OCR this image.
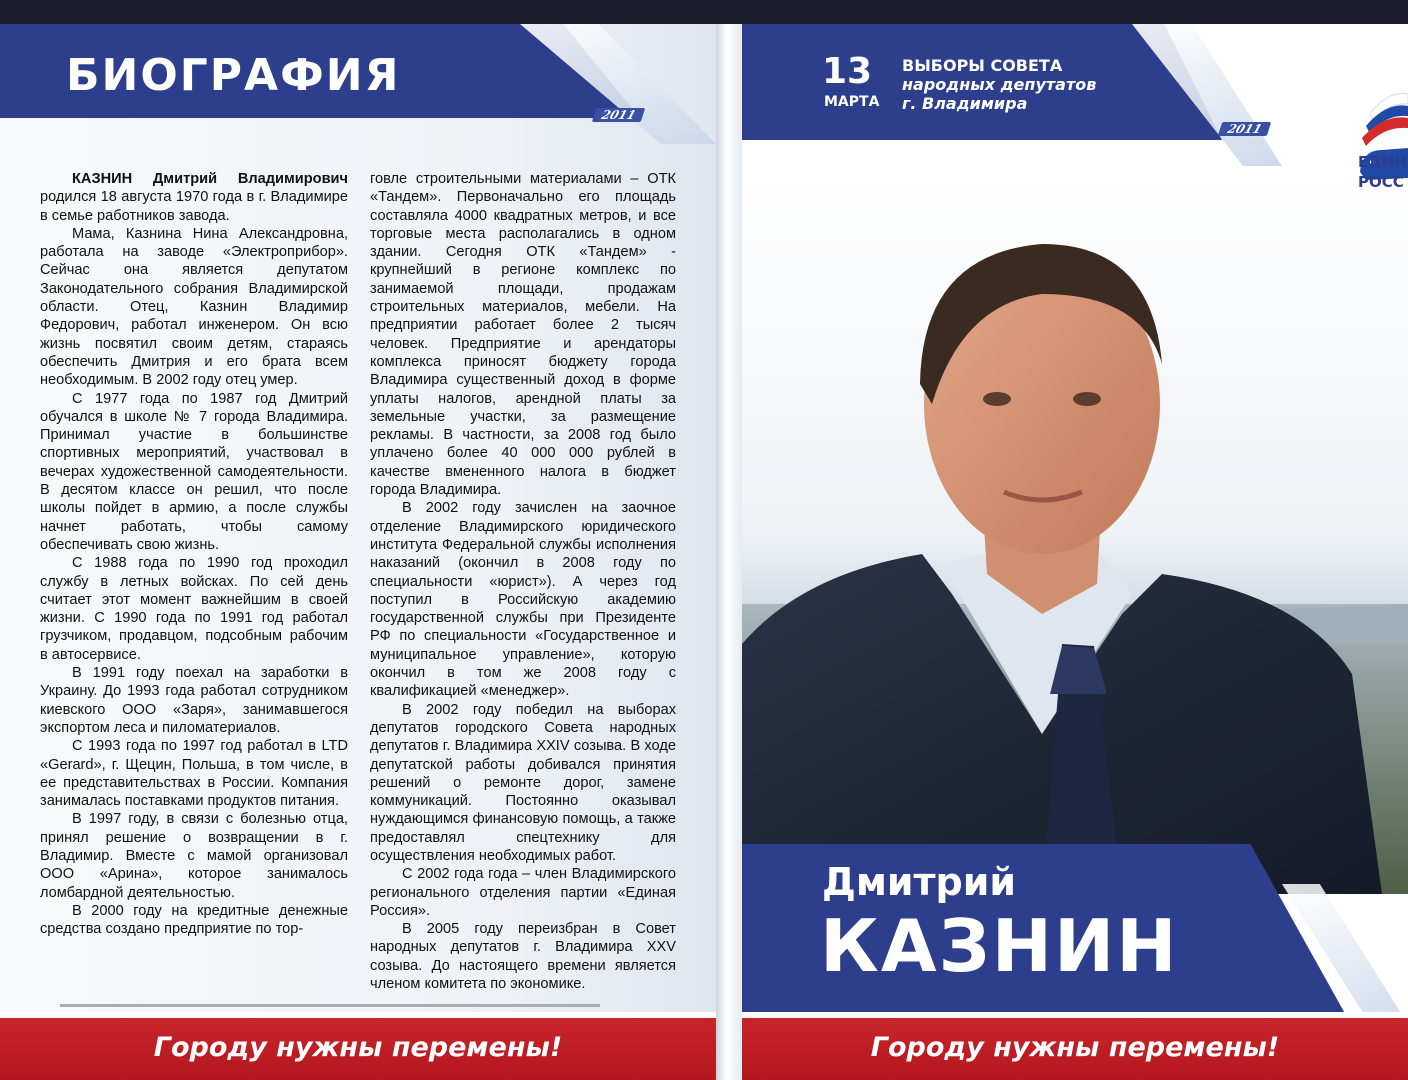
БИОГРАФИЯ
2011

КАЗНИН Дмитрий Владимирович родился 18 августа 1970 года в г. Владимире в семье работников завода.

Мама, Казнина Нина Александровна, работала на заводе «Электроприбор». Сейчас она является депутатом Законодательного собрания Владимирской области. Отец, Казнин Владимир Федорович, работал инженером. Он всю жизнь посвятил своим детям, стараясь обеспечить Дмитрия и его брата всем необходимым. В 2002 году отец умер.

С 1977 года по 1987 год Дмитрий обучался в школе № 7 города Владимира. Принимал участие в большинстве спортивных мероприятий, участвовал в вечерах художественной самодеятельности. В десятом классе он решил, что после школы пойдет в армию, а после службы начнет работать, чтобы самому обеспечивать свою жизнь.

С 1988 года по 1990 год проходил службу в летных войсках. По сей день считает этот момент важнейшим в своей жизни. С 1990 года по 1991 год работал грузчиком, продавцом, подсобным рабочим в автосервисе.

В 1991 году поехал на заработки в Украину. До 1993 года работал сотрудником киевского ООО «Заря», занимавшегося экспортом леса и пиломатериалов.

С 1993 года по 1997 год работал в LTD «Gerard», г. Щецин, Польша, в том числе, в ее представительствах в России. Компания занималась поставками продуктов питания.

В 1997 году, в связи с болезнью отца, принял решение о возвращении в г. Владимир. Вместе с мамой организовал ООО «Арина», которое занималось ломбардной деятельностью.

В 2000 году на кредитные денежные средства создано предприятие по тор-

говле строительными материалами – ОТК «Тандем». Первоначально его площадь составляла 4000 квадратных метров, и все торговые места располагались в одном здании. Сегодня ОТК «Тандем» - крупнейший в регионе комплекс по занимаемой площади, продажам строительных материалов, мебели. На предприятии работает более 2 тысяч человек. Предприятие и арендаторы комплекса приносят бюджету города Владимира существенный доход в форме уплаты налогов, арендной платы за земельные участки, за размещение рекламы. В частности, за 2008 год было уплачено более 40 000 000 рублей в качестве вмененного налога в бюджет города Владимира.

В 2002 году зачислен на заочное отделение Владимирского юридического института Федеральной службы исполнения наказаний (окончил в 2008 году по специальности «юрист»). А через год поступил в Российскую академию государственной службы при Президенте РФ по специальности «Государственное и муниципальное управление», которую окончил в том же 2008 году с квалификацией «менеджер».

В 2002 году победил на выборах депутатов городского Совета народных депутатов г. Владимира XXIV созыва. В ходе депутатской работы добивался принятия решений о ремонте дорог, замене коммуникаций. Постоянно оказывал нуждающимся финансовую помощь, а также предоставлял спецтехнику для осуществления необходимых работ.

С 2002 года года – член Владимирского регионального отделения партии «Единая Россия».

В 2005 году переизбран в Совет народных депутатов г. Владимира XXV созыва. До настоящего времени является членом комитета по экономике.

Городу нужны перемены!
13
МАРТА
ВЫБОРЫ СОВЕТА
народных депутатов
г. Владимира
2011
ЕДИН
РОСС
Дмитрий
КАЗНИН
Городу нужны перемены!
